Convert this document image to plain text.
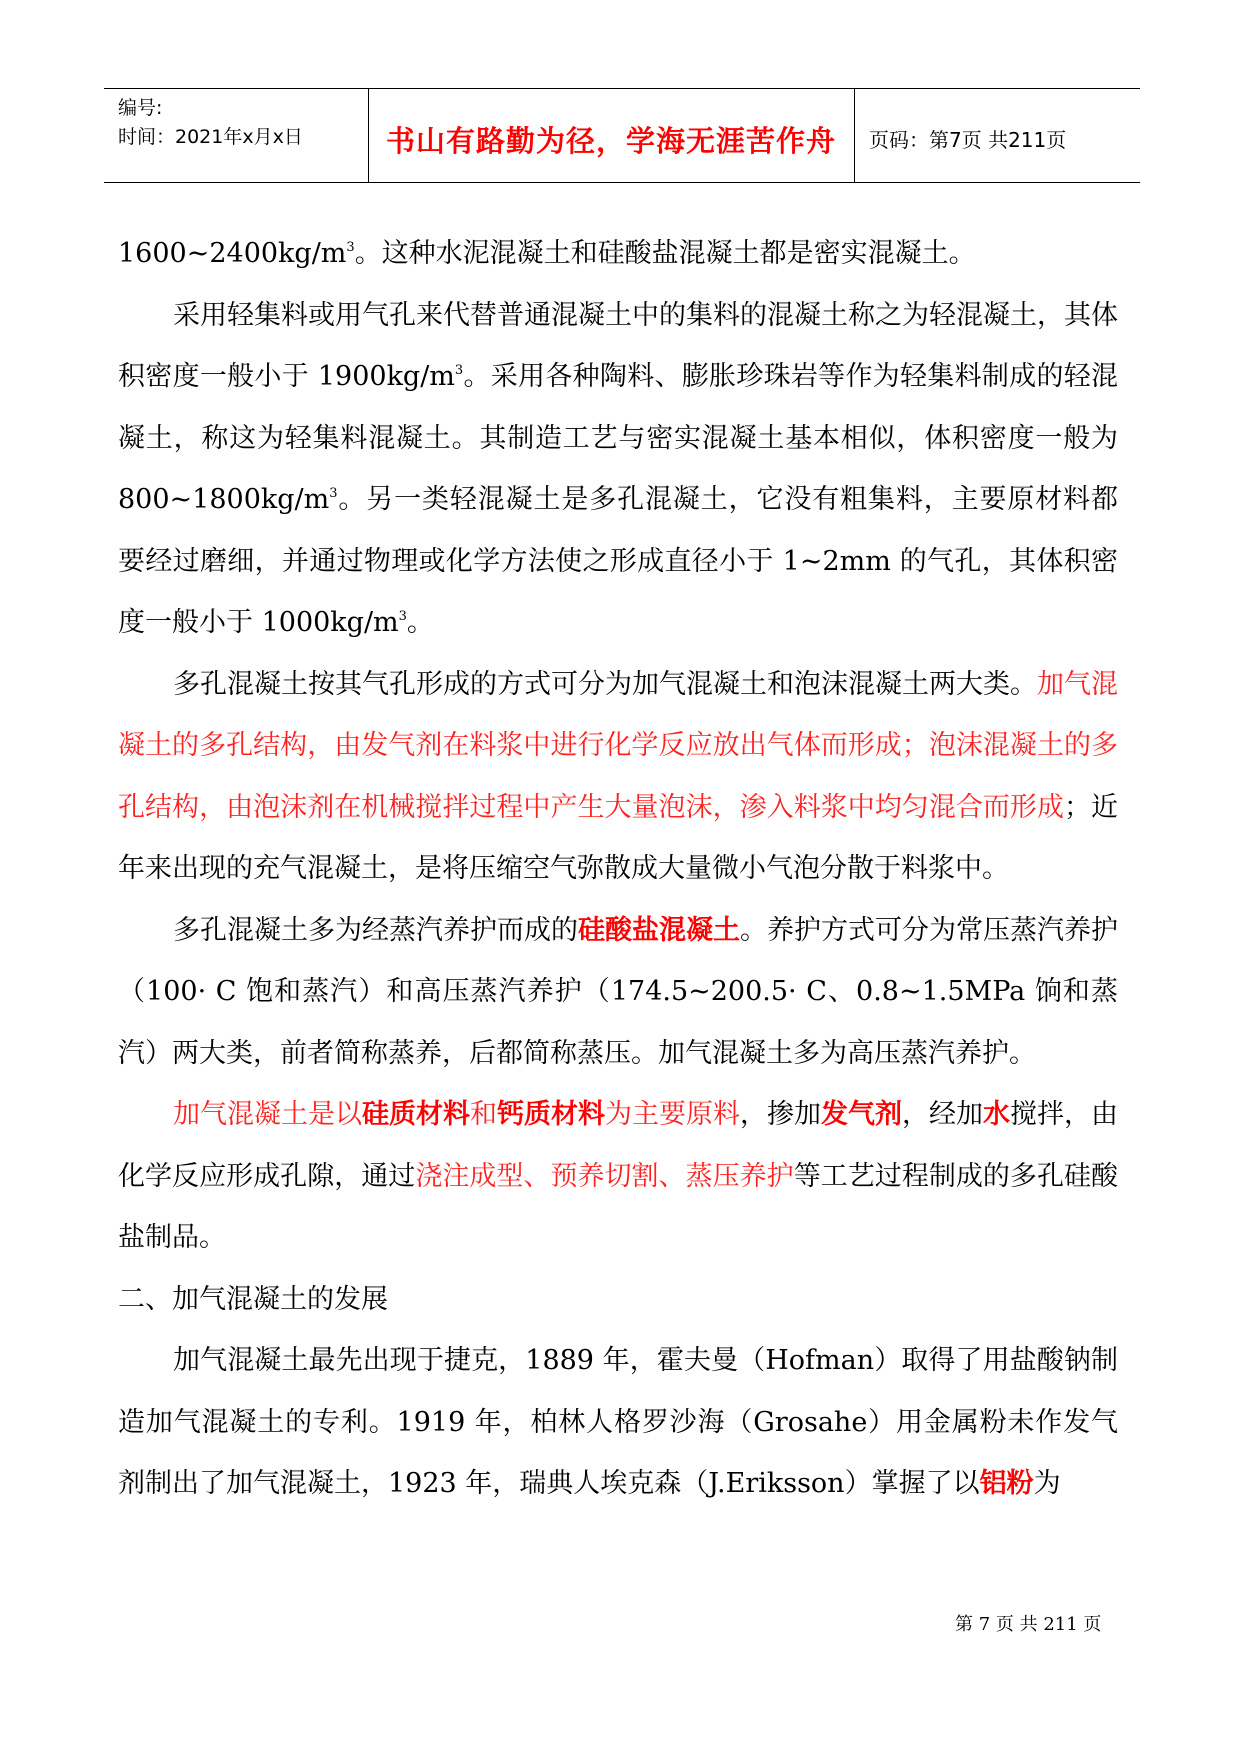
编号:
时间：2021年x月x日	书山有路勤为径，学海无涯苦作舟	页码：第7页 共211页

$1600\sim 2400kg/m^3$。这种水泥混凝土和硅酸盐混凝土都是密实混凝土。

采用轻集料或用气孔来代替普通混凝土中的集料的混凝土称之为轻混凝土，其体积密度一般小于 $1900kg/m^3$。采用各种陶料、膨胀珍珠岩等作为轻集料制成的轻混凝土，称这为轻集料混凝土。其制造工艺与密实混凝土基本相似，体积密度一般为 $800\sim 1800kg/m^3$。另一类轻混凝土是多孔混凝土，它没有粗集料，主要原材料都要经过磨细，并通过物理或化学方法使之形成直径小于 1~2mm 的气孔，其体积密度一般小于 $1000kg/m^3$。

多孔混凝土按其气孔形成的方式可分为加气混凝土和泡沫混凝土两大类。加气混凝土的多孔结构，由发气剂在料浆中进行化学反应放出气体而形成；泡沫混凝土的多孔结构，由泡沫剂在机械搅拌过程中产生大量泡沫，渗入料浆中均匀混合而形成；近年来出现的充气混凝土，是将压缩空气弥散成大量微小气泡分散于料浆中。

多孔混凝土多为经蒸汽养护而成的硅酸盐混凝土。养护方式可分为常压蒸汽养护（100· C 饱和蒸汽）和高压蒸汽养护（174.5~200.5· C、0.8~1.5MPa 饷和蒸汽）两大类，前者简称蒸养，后都简称蒸压。加气混凝土多为高压蒸汽养护。

加气混凝土是以硅质材料和钙质材料为主要原料，掺加发气剂，经加水搅拌，由化学反应形成孔隙，通过浇注成型、预养切割、蒸压养护等工艺过程制成的多孔硅酸盐制品。

二、加气混凝土的发展

加气混凝土最先出现于捷克，1889 年，霍夫曼（Hofman）取得了用盐酸钠制造加气混凝土的专利。1919 年，柏林人格罗沙海（Grosahe）用金属粉未作发气剂制出了加气混凝土，1923 年，瑞典人埃克森（J.Eriksson）掌握了以铝粉为

第 7 页 共 211 页
